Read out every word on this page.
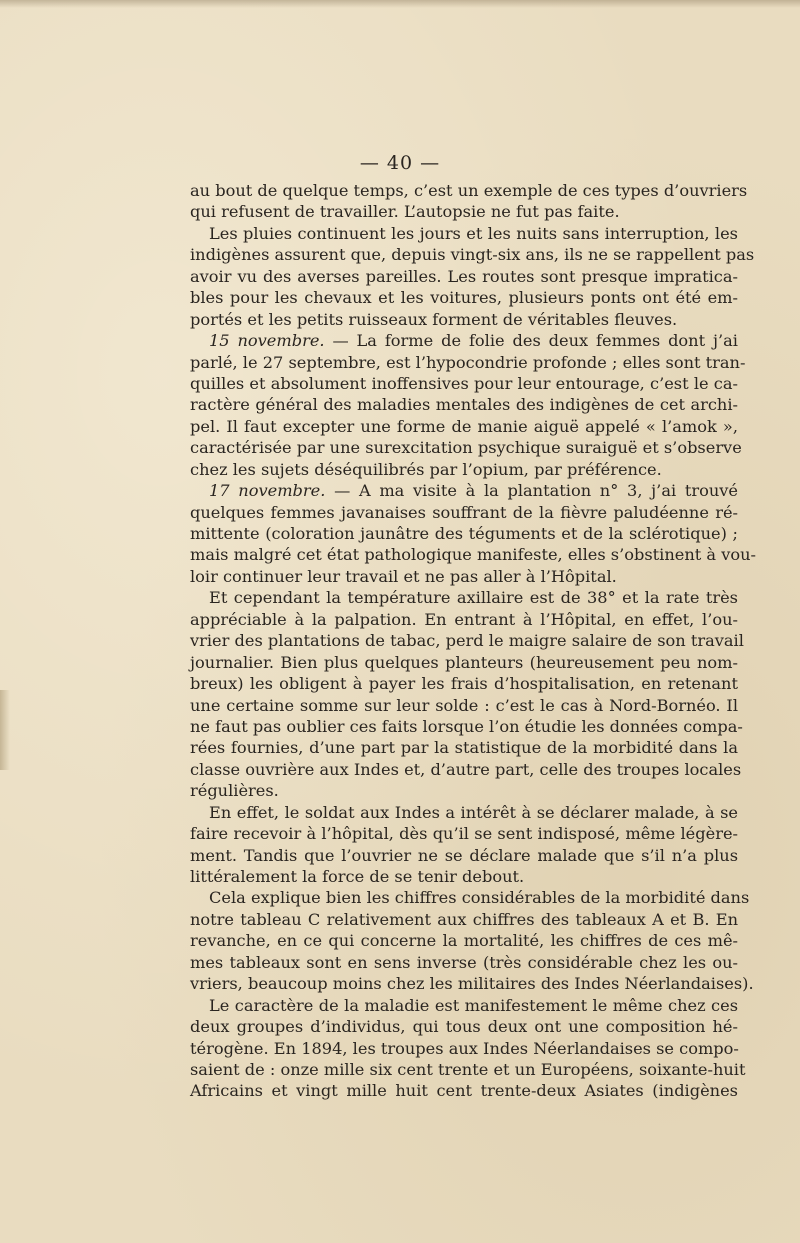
— 40 —
au bout de quelque temps, c’est un exemple de ces types d’ouvriers
qui refusent de travailler. L’autopsie ne fut pas faite.
Les pluies continuent les jours et les nuits sans interruption, les
indigènes assurent que, depuis vingt-six ans, ils ne se rappellent pas
avoir vu des averses pareilles. Les routes sont presque impratica-
bles pour les chevaux et les voitures, plusieurs ponts ont été em-
portés et les petits ruisseaux forment de véritables fleuves.
15 novembre. — La forme de folie des deux femmes dont j’ai
parlé, le 27 septembre, est l’hypocondrie profonde ; elles sont tran-
quilles et absolument inoffensives pour leur entourage, c’est le ca-
ractère général des maladies mentales des indigènes de cet archi-
pel. Il faut excepter une forme de manie aiguë appelé « l’amok »,
caractérisée par une surexcitation psychique suraiguë et s’observe
chez les sujets déséquilibrés par l’opium, par préférence.
17 novembre. — A ma visite à la plantation n° 3, j’ai trouvé
quelques femmes javanaises souffrant de la fièvre paludéenne ré-
mittente (coloration jaunâtre des téguments et de la sclérotique) ;
mais malgré cet état pathologique manifeste, elles s’obstinent à vou-
loir continuer leur travail et ne pas aller à l’Hôpital.
Et cependant la température axillaire est de 38° et la rate très
appréciable à la palpation. En entrant à l’Hôpital, en effet, l’ou-
vrier des plantations de tabac, perd le maigre salaire de son travail
journalier. Bien plus quelques planteurs (heureusement peu nom-
breux) les obligent à payer les frais d’hospitalisation, en retenant
une certaine somme sur leur solde : c’est le cas à Nord-Bornéo. Il
ne faut pas oublier ces faits lorsque l’on étudie les données compa-
rées fournies, d’une part par la statistique de la morbidité dans la
classe ouvrière aux Indes et, d’autre part, celle des troupes locales
régulières.
En effet, le soldat aux Indes a intérêt à se déclarer malade, à se
faire recevoir à l’hôpital, dès qu’il se sent indisposé, même légère-
ment. Tandis que l’ouvrier ne se déclare malade que s’il n’a plus
littéralement la force de se tenir debout.
Cela explique bien les chiffres considérables de la morbidité dans
notre tableau C relativement aux chiffres des tableaux A et B. En
revanche, en ce qui concerne la mortalité, les chiffres de ces mê-
mes tableaux sont en sens inverse (très considérable chez les ou-
vriers, beaucoup moins chez les militaires des Indes Néerlandaises).
Le caractère de la maladie est manifestement le même chez ces
deux groupes d’individus, qui tous deux ont une composition hé-
térogène. En 1894, les troupes aux Indes Néerlandaises se compo-
saient de : onze mille six cent trente et un Européens, soixante-huit
Africains et vingt mille huit cent trente-deux Asiates (indigènes
